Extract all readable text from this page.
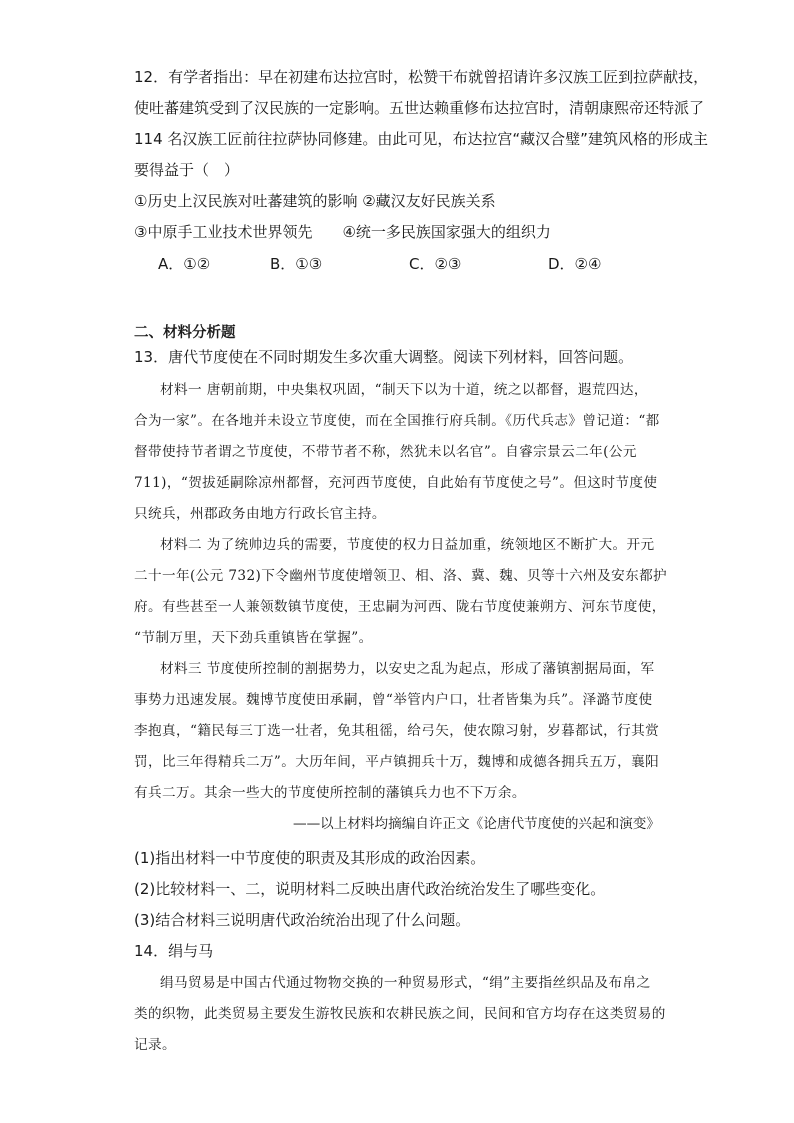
12．有学者指出：早在初建布达拉宫时，松赞干布就曾招请许多汉族工匠到拉萨献技，
使吐蕃建筑受到了汉民族的一定影响。五世达赖重修布达拉宫时，清朝康熙帝还特派了
114 名汉族工匠前往拉萨协同修建。由此可见，布达拉宫“藏汉合璧”建筑风格的形成主
要得益于（　）
①历史上汉民族对吐蕃建筑的影响 ②藏汉友好民族关系
③中原手工业技术世界领先　　④统一多民族国家强大的组织力
A．①②	B．①③	C．②③	D．②④
二、材料分析题
13．唐代节度使在不同时期发生多次重大调整。阅读下列材料，回答问题。
材料一 唐朝前期，中央集权巩固，“制天下以为十道，统之以都督，遐荒四达，
合为一家”。在各地并未设立节度使，而在全国推行府兵制。《历代兵志》曾记道：“都
督带使持节者谓之节度使，不带节者不称，然犹未以名官”。自睿宗景云二年(公元
711)，“贺拔延嗣除凉州都督，充河西节度使，自此始有节度使之号”。但这时节度使
只统兵，州郡政务由地方行政长官主持。
材料二 为了统帅边兵的需要，节度使的权力日益加重，统领地区不断扩大。开元
二十一年(公元 732)下令幽州节度使增领卫、相、洛、冀、魏、贝等十六州及安东都护
府。有些甚至一人兼领数镇节度使，王忠嗣为河西、陇右节度使兼朔方、河东节度使，
“节制万里，天下劲兵重镇皆在掌握”。
材料三 节度使所控制的割据势力，以安史之乱为起点，形成了藩镇割据局面，军
事势力迅速发展。魏博节度使田承嗣，曾“举管内户口，壮者皆集为兵”。泽潞节度使
李抱真，“籍民每三丁选一壮者，免其租徭，给弓矢，使农隙习射，岁暮都试，行其赏
罚，比三年得精兵二万”。大历年间，平卢镇拥兵十万，魏博和成德各拥兵五万，襄阳
有兵二万。其余一些大的节度使所控制的藩镇兵力也不下万余。
——以上材料均摘编自许正文《论唐代节度使的兴起和演变》
(1)指出材料一中节度使的职责及其形成的政治因素。
(2)比较材料一、二，说明材料二反映出唐代政治统治发生了哪些变化。
(3)结合材料三说明唐代政治统治出现了什么问题。
14．绢与马
绢马贸易是中国古代通过物物交换的一种贸易形式，“绢”主要指丝织品及布帛之
类的织物，此类贸易主要发生游牧民族和农耕民族之间，民间和官方均存在这类贸易的
记录。
